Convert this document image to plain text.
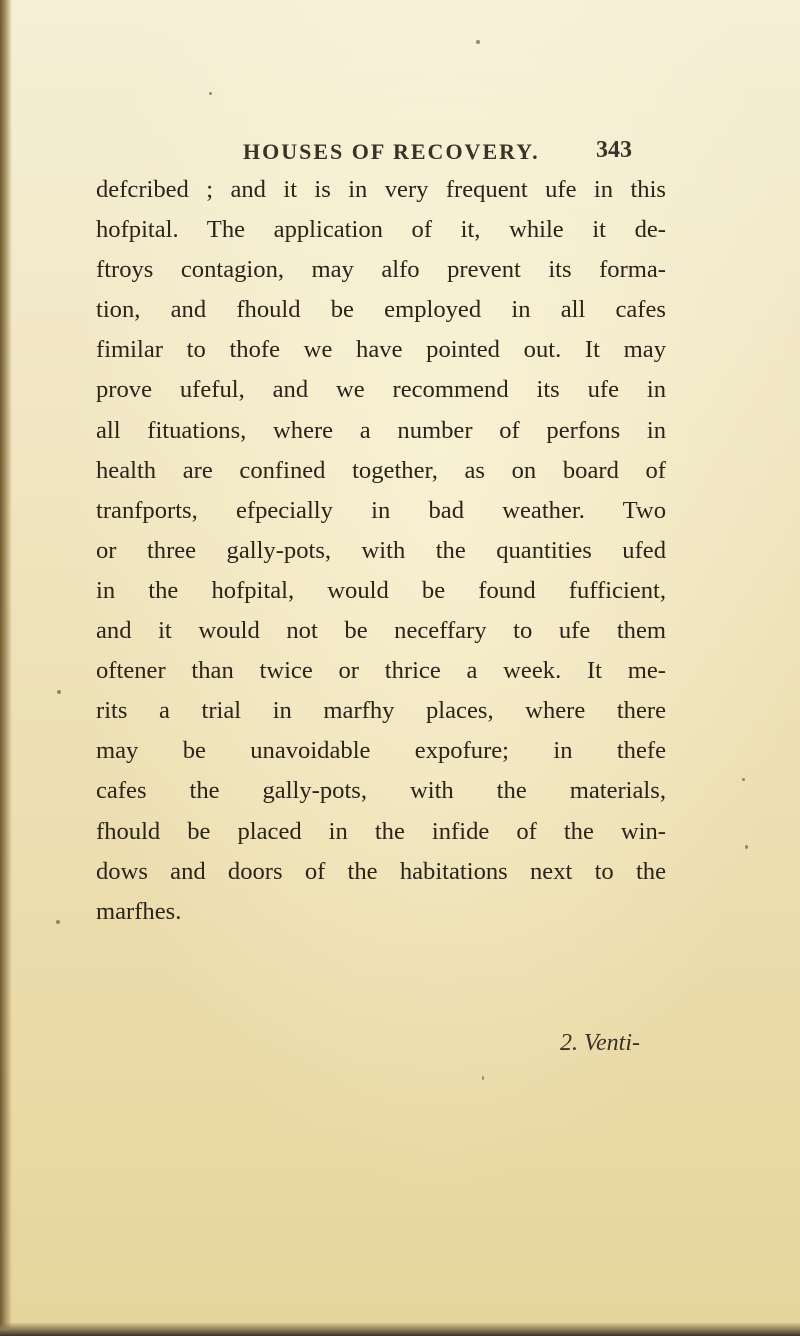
HOUSES OF RECOVERY. 343
defcribed ; and it is in very frequent ufe in this
hofpital. The application of it, while it de-
ftroys contagion, may alfo prevent its forma-
tion, and fhould be employed in all cafes
fimilar to thofe we have pointed out. It may
prove ufeful, and we recommend its ufe in
all fituations, where a number of perfons in
health are confined together, as on board of
tranfports, efpecially in bad weather. Two
or three gally-pots, with the quantities ufed
in the hofpital, would be found fufficient,
and it would not be neceffary to ufe them
oftener than twice or thrice a week. It me-
rits a trial in marfhy places, where there
may be unavoidable expofure; in thefe
cafes the gally-pots, with the materials,
fhould be placed in the infide of the win-
dows and doors of the habitations next to the
marfhes.
2. Venti-
